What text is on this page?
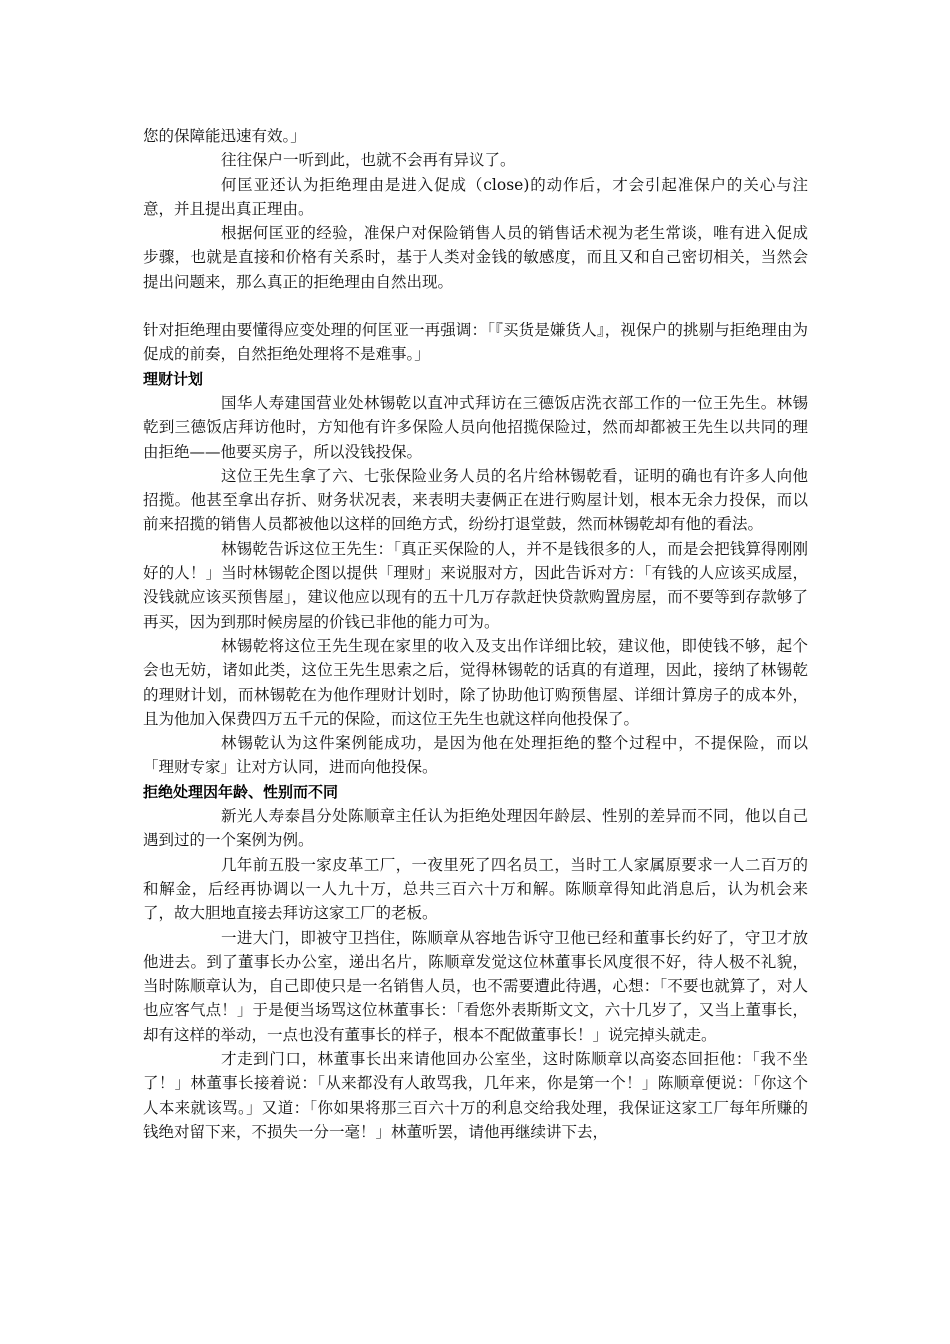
您的保障能迅速有效。」

往往保户一听到此，也就不会再有异议了。

何匡亚还认为拒绝理由是进入促成（close)的动作后，才会引起准保户的关心与注意，并且提出真正理由。

根据何匡亚的经验，准保户对保险销售人员的销售话术视为老生常谈，唯有进入促成步骤，也就是直接和价格有关系时，基于人类对金钱的敏感度，而且又和自己密切相关，当然会提出问题来，那么真正的拒绝理由自然出现。

针对拒绝理由要懂得应变处理的何匡亚一再强调：「『买货是嫌货人』，视保户的挑剔与拒绝理由为促成的前奏，自然拒绝处理将不是难事。」

理财计划

国华人寿建国营业处林锡乾以直冲式拜访在三德饭店洗衣部工作的一位王先生。林锡乾到三德饭店拜访他时，方知他有许多保险人员向他招揽保险过，然而却都被王先生以共同的理由拒绝——他要买房子，所以没钱投保。

这位王先生拿了六、七张保险业务人员的名片给林锡乾看，证明的确也有许多人向他招揽。他甚至拿出存折、财务状况表，来表明夫妻俩正在进行购屋计划，根本无余力投保，而以前来招揽的销售人员都被他以这样的回绝方式，纷纷打退堂鼓，然而林锡乾却有他的看法。

林锡乾告诉这位王先生：「真正买保险的人，并不是钱很多的人，而是会把钱算得刚刚好的人！」当时林锡乾企图以提供「理财」来说服对方，因此告诉对方：「有钱的人应该买成屋，没钱就应该买预售屋」，建议他应以现有的五十几万存款赶快贷款购置房屋，而不要等到存款够了再买，因为到那时候房屋的价钱已非他的能力可为。

林锡乾将这位王先生现在家里的收入及支出作详细比较，建议他，即使钱不够，起个会也无妨，诸如此类，这位王先生思索之后，觉得林锡乾的话真的有道理，因此，接纳了林锡乾的理财计划，而林锡乾在为他作理财计划时，除了协助他订购预售屋、详细计算房子的成本外，且为他加入保费四万五千元的保险，而这位王先生也就这样向他投保了。

林锡乾认为这件案例能成功，是因为他在处理拒绝的整个过程中，不提保险，而以「理财专家」让对方认同，进而向他投保。

拒绝处理因年龄、性别而不同

新光人寿泰昌分处陈顺章主任认为拒绝处理因年龄层、性别的差异而不同，他以自己遇到过的一个案例为例。

几年前五股一家皮革工厂，一夜里死了四名员工，当时工人家属原要求一人二百万的和解金，后经再协调以一人九十万，总共三百六十万和解。陈顺章得知此消息后，认为机会来了，故大胆地直接去拜访这家工厂的老板。

一进大门，即被守卫挡住，陈顺章从容地告诉守卫他已经和董事长约好了，守卫才放他进去。到了董事长办公室，递出名片，陈顺章发觉这位林董事长风度很不好，待人极不礼貌，当时陈顺章认为，自己即使只是一名销售人员，也不需要遭此待遇，心想：「不要也就算了，对人也应客气点！」于是便当场骂这位林董事长：「看您外表斯斯文文，六十几岁了，又当上董事长，却有这样的举动，一点也没有董事长的样子，根本不配做董事长！」说完掉头就走。

才走到门口，林董事长出来请他回办公室坐，这时陈顺章以高姿态回拒他：「我不坐了！」林董事长接着说：「从来都没有人敢骂我，几年来，你是第一个！」陈顺章便说：「你这个人本来就该骂。」又道：「你如果将那三百六十万的利息交给我处理，我保证这家工厂每年所赚的钱绝对留下来，不损失一分一毫！」林董听罢，请他再继续讲下去，
